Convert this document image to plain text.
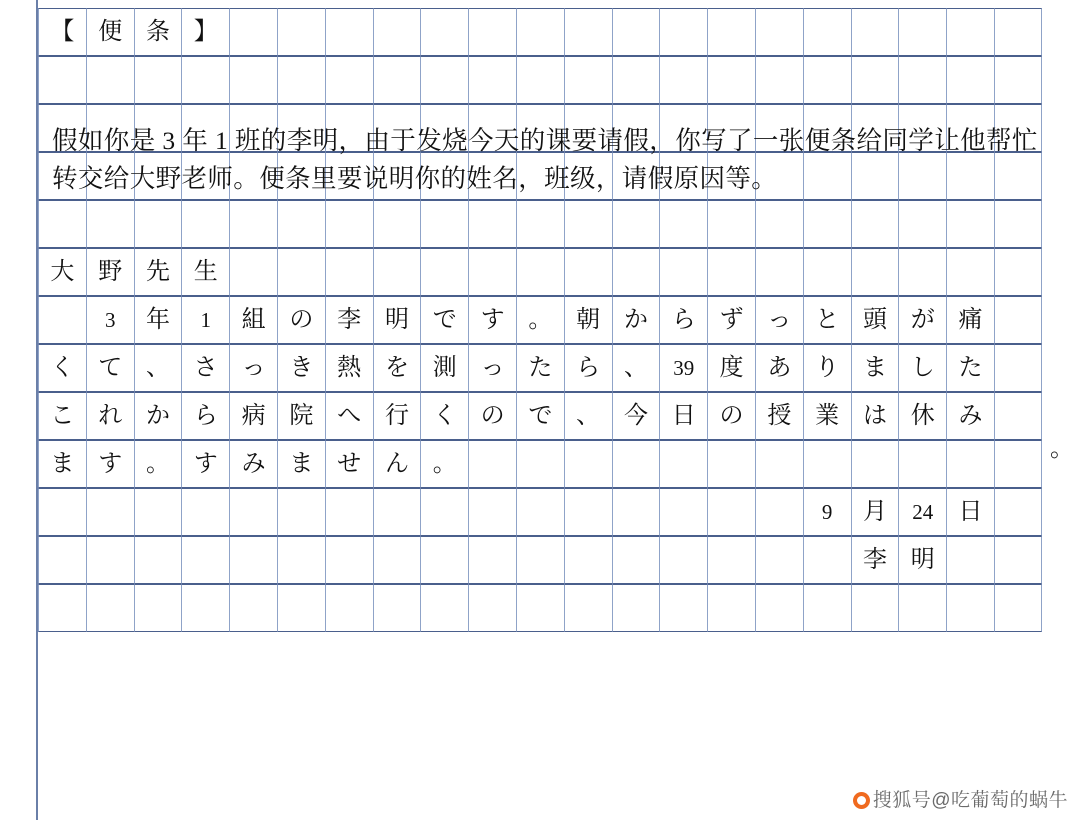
【 便 条 】
大 野 先 生
3	年	1	組 の 李 明 で す 。 朝 か ら ず っ と 頭 が 痛
く て 、 さ っ き 熱 を 測 っ た ら 、	39	度 あ り ま し た
こ れ か ら 病 院 へ 行 く の で 、 今 日 の 授 業 は 休 み
ま す 。 す み ま せ ん 。
9	月	24	日
李 明
假如你是 3 年 1 班的李明，由于发烧今天的课要请假，你写了一张便条给同学让他帮忙转交给大野老师。便条里要说明你的姓名，班级，请假原因等。
。
搜狐号@吃葡萄的蜗牛
